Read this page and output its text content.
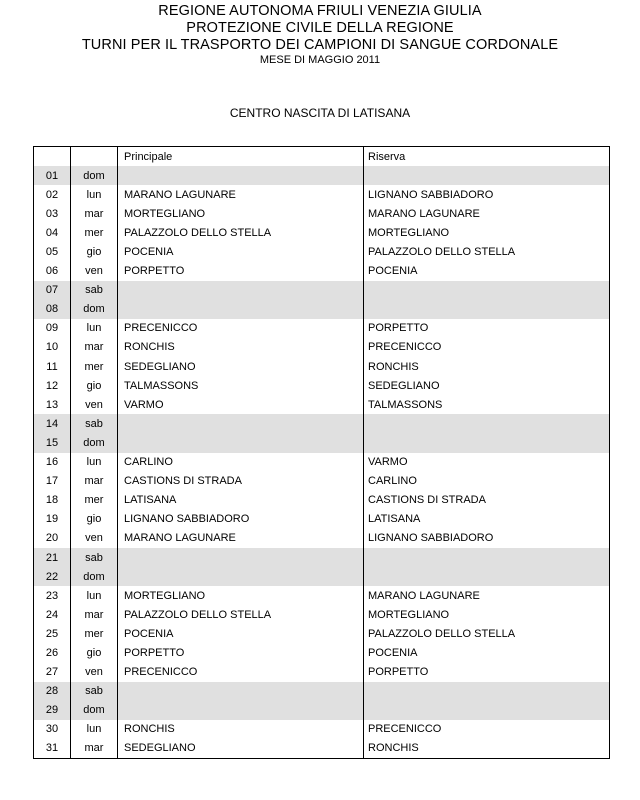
REGIONE AUTONOMA FRIULI VENEZIA GIULIA
PROTEZIONE CIVILE DELLA REGIONE
TURNI PER IL TRASPORTO DEI CAMPIONI DI SANGUE CORDONALE
MESE DI MAGGIO 2011
CENTRO NASCITA DI LATISANA
		Principale	Riserva
01	dom		
02	lun	MARANO LAGUNARE	LIGNANO SABBIADORO
03	mar	MORTEGLIANO	MARANO LAGUNARE
04	mer	PALAZZOLO DELLO STELLA	MORTEGLIANO
05	gio	POCENIA	PALAZZOLO DELLO STELLA
06	ven	PORPETTO	POCENIA
07	sab		
08	dom		
09	lun	PRECENICCO	PORPETTO
10	mar	RONCHIS	PRECENICCO
11	mer	SEDEGLIANO	RONCHIS
12	gio	TALMASSONS	SEDEGLIANO
13	ven	VARMO	TALMASSONS
14	sab		
15	dom		
16	lun	CARLINO	VARMO
17	mar	CASTIONS DI STRADA	CARLINO
18	mer	LATISANA	CASTIONS DI STRADA
19	gio	LIGNANO SABBIADORO	LATISANA
20	ven	MARANO LAGUNARE	LIGNANO SABBIADORO
21	sab		
22	dom		
23	lun	MORTEGLIANO	MARANO LAGUNARE
24	mar	PALAZZOLO DELLO STELLA	MORTEGLIANO
25	mer	POCENIA	PALAZZOLO DELLO STELLA
26	gio	PORPETTO	POCENIA
27	ven	PRECENICCO	PORPETTO
28	sab		
29	dom		
30	lun	RONCHIS	PRECENICCO
31	mar	SEDEGLIANO	RONCHIS
